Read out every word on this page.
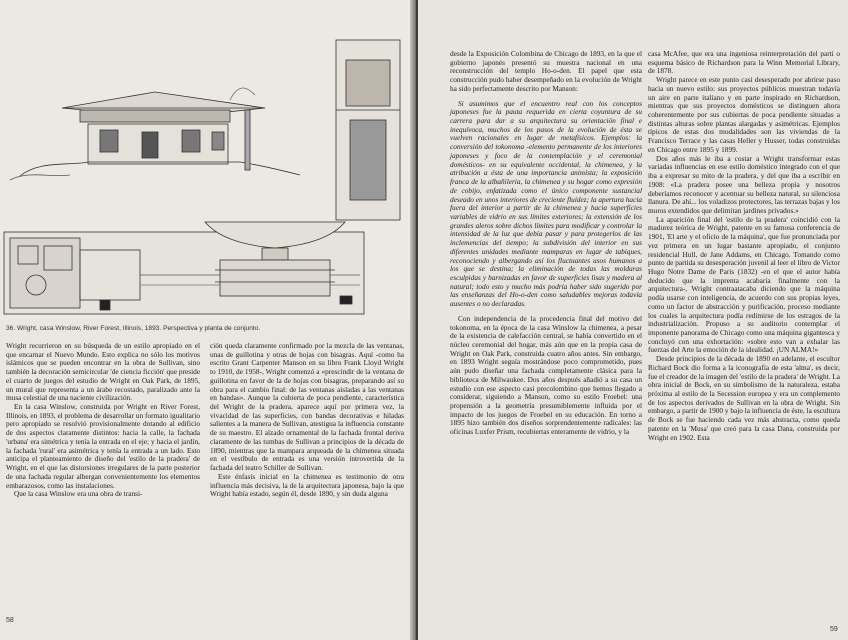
36. Wright, casa Winslow, River Forest, Illinois, 1893. Perspectiva y planta de conjunto.

Wright recurrieron en su búsqueda de un estilo apropiado en el que encarnar el Nuevo Mundo. Esto explica no sólo los motivos islámicos que se pueden encontrar en la obra de Sullivan, sino también la decoración semicircular 'de ciencia ficción' que preside el cuarto de juegos del estudio de Wright en Oak Park, de 1895, un mural que representa a un árabe recostado, paralizado ante la musa celestial de una naciente civilización.

En la casa Winslow, construida por Wright en River Forest, Illinois, en 1893, el problema de desarrollar un formato igualitario pero apropiado se resolvió provisionalmente dotando al edificio de dos aspectos claramente distintos: hacia la calle, la fachada 'urbana' era simétrica y tenía la entrada en el eje; y hacia el jardín, la fachada 'rural' era asimétrica y tenía la entrada a un lado. Esto anticipa el planteamiento de diseño del 'estilo de la pradera' de Wright, en el que las distorsiones irregulares de la parte posterior de una fachada regular albergan convenientemente los elementos embarazosos, como las instalaciones.

Que la casa Winslow era una obra de transi-

ción queda claramente confirmado por la mezcla de las ventanas, unas de guillotina y otras de hojas con bisagras. Aquí -como ha escrito Grant Carpenter Manson en su libro Frank Lloyd Wright to 1910, de 1958-, Wright comenzó a «prescindir de la ventana de guillotina en favor de la de hojas con bisagras, preparando así su obra para el cambio final: de las ventanas aisladas a las ventanas en bandas». Aunque la cubierta de poca pendiente, característica del Wright de la pradera, aparece aquí por primera vez, la vivacidad de las superficies, con bandas decorativas e hiladas salientes a la manera de Sullivan, atestigua la influencia constante de su maestro. El alzado ornamental de la fachada frontal deriva claramente de las tumbas de Sullivan a principios de la década de 1890, mientras que la mampara arqueada de la chimenea situada en el vestíbulo de entrada es una versión introvertida de la fachada del teatro Schiller de Sullivan.

Este énfasis inicial en la chimenea es testimonio de otra influencia más decisiva, la de la arquitectura japonesa, bajo la que Wright había estado, según él, desde 1890, y sin duda alguna

58

desde la Exposición Colombina de Chicago de 1893, en la que el gobierno japonés presentó su muestra nacional en una reconstrucción del templo Ho-o-den. El papel que esta construcción pudo haber desempeñado en la evolución de Wright ha sido perfectamente descrito por Manson:

Si asumimos que el encuentro real con los conceptos japoneses fue la pauta requerida en cierta coyuntura de su carrera para dar a su arquitectura su orientación final e inequívoca, muchos de los pasos de la evolución de ésta se vuelven racionales en lugar de metafísicos. Ejemplos: la conversión del tokonoma -elemento permanente de los interiores japoneses y foco de la contemplación y el ceremonial domésticos- en su equivalente occidental, la chimenea, y la atribución a ésta de una importancia animista; la exposición franca de la albañilería, la chimenea y su hogar como expresión de cobijo, enfatizada como el único componente sustancial deseado en unos interiores de creciente fluidez; la apertura hacia fuera del interior a partir de la chimenea y hacia superficies variables de vidrio en sus límites exteriores; la extensión de los grandes aleros sobre dichos límites para modificar y controlar la intensidad de la luz que debía pasar y para protegerlos de las inclemencias del tiempo; la subdivisión del interior en sus diferentes unidades mediante mamparas en lugar de tabiques, reconociendo y albergando así los fluctuantes usos humanos a los que se destina; la eliminación de todas las molduras esculpidas y barnizadas en favor de superficies lisas y madera al natural; todo esto y mucho más podría haber sido sugerido por las enseñanzas del Ho-o-den como saludables mejoras todavía ausentes o no declaradas.

Con independencia de la procedencia final del motivo del tokonoma, en la época de la casa Winslow la chimenea, a pesar de la existencia de calefacción central, se había convertido en el núcleo ceremonial del hogar, más aún que en la propia casa de Wright en Oak Park, construida cuatro años antes. Sin embargo, en 1893 Wright seguía mostrándose poco comprometido, pues aún pudo diseñar una fachada completamente clásica para la biblioteca de Milwaukee. Dos años después añadió a su casa un estudio con ese aspecto casi precolombino que hemos llegado a considerar, siguiendo a Manson, como su estilo Froebel: una propensión a la geometría presumiblemente influida por el impacto de los juegos de Froebel en su educación. En torno a 1895 hizo también dos diseños sorprendentemente radicales: las oficinas Luxfer Prism, recubiertas enteramente de vidrio, y la

casa McAfee, que era una ingeniosa reinterpretación del parti o esquema básico de Richardson para la Winn Memorial Library, de 1878.

Wright parece en este punto casi desesperado por abrirse paso hacia un nuevo estilo: sus proyectos públicos muestran todavía un aire en parte italiano y en parte inspirado en Richardson, mientras que sus proyectos domésticos se distinguen ahora coherentemente por sus cubiertas de poca pendiente situadas a distintas alturas sobre plantas alargadas y asimétricas. Ejemplos típicos de estas dos modalidades son las viviendas de la Francisco Terrace y las casas Heller y Husser, todas construidas en Chicago entre 1895 y 1899.

Dos años más le iba a costar a Wright transformar estas variadas influencias en ese estilo doméstico integrado con el que iba a expresar su mito de la pradera, y del que iba a escribir en 1908: «La pradera posee una belleza propia y nosotros deberíamos reconocer y acentuar su belleza natural, su silenciosa llanura. De ahí... los voladizos protectores, las terrazas bajas y los muros extendidos que delimitan jardines privados.»

La aparición final del 'estilo de la pradera' coincidió con la madurez teórica de Wright, patente en su famosa conferencia de 1901, 'El arte y el oficio de la máquina', que fue pronunciada por vez primera en un lugar bastante apropiado, el conjunto residencial Hull, de Jane Addams, en Chicago. Tomando como punto de partida su desesperación juvenil al leer el libro de Victor Hugo Notre Dame de Paris (1832) -en el que el autor había deducido que la imprenta acabaría finalmente con la arquitectura-, Wright contraatacaba diciendo que la máquina podía usarse con inteligencia, de acuerdo con sus propias leyes, como un factor de abstracción y purificación, proceso mediante los cuales la arquitectura podía redimirse de los estragos de la industrialización. Propuso a su auditorio contemplar el imponente panorama de Chicago como una máquina gigantesca y concluyó con una exhortación: «sobre esto van a exhalar las fuerzas del Arte la emoción de la idealidad. ¡UN ALMA!»

Desde principios de la década de 1890 en adelante, el escultor Richard Bock dio forma a la iconografía de esta 'alma', es decir, fue el creador de la imagen del 'estilo de la pradera' de Wright. La obra inicial de Bock, en su simbolismo de la naturaleza, estaba próxima al estilo de la Secession europea y era un complemento de los aspectos derivados de Sullivan en la obra de Wright. Sin embargo, a partir de 1900 y bajo la influencia de éste, la escultura de Bock se fue haciendo cada vez más abstracta, como queda patente en la 'Musa' que creó para la casa Dana, construida por Wright en 1902. Esta

59
